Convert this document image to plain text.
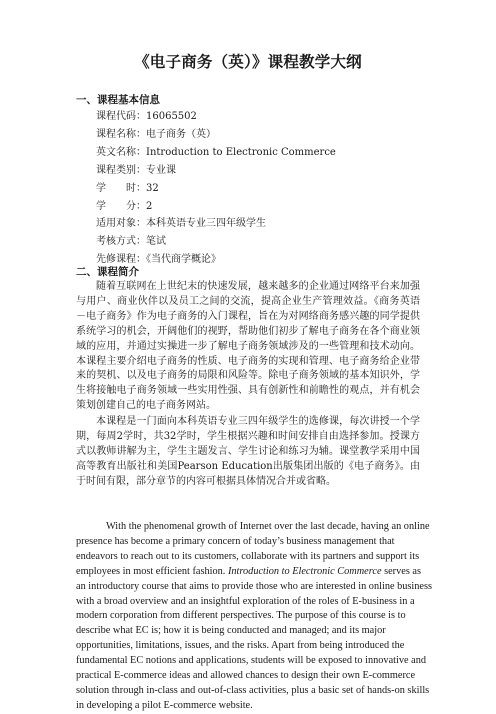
《电子商务（英）》课程教学大纲
一、课程基本信息
课程代码：16065502
课程名称：电子商务（英）
英文名称：Introduction to Electronic Commerce
课程类别：专业课
学　　时：32
学　　分：2
适用对象：本科英语专业三四年级学生
考核方式：笔试
先修课程：《当代商学概论》
二、课程简介

随着互联网在上世纪末的快速发展，越来越多的企业通过网络平台来加强与用户、商业伙伴以及员工之间的交流，提高企业生产管理效益。《商务英语－电子商务》作为电子商务的入门课程，旨在为对网络商务感兴趣的同学提供系统学习的机会，开阔他们的视野，帮助他们初步了解电子商务在各个商业领域的应用，并通过实操进一步了解电子商务领域涉及的一些管理和技术动向。本课程主要介绍电子商务的性质、电子商务的实现和管理、电子商务给企业带来的契机、以及电子商务的局限和风险等。除电子商务领域的基本知识外，学生将接触电子商务领域一些实用性强、具有创新性和前瞻性的观点，并有机会策划创建自己的电子商务网站。

本课程是一门面向本科英语专业三四年级学生的选修课，每次讲授一个学期，每周2学时，共32学时，学生根据兴趣和时间安排自由选择参加。授课方式以教师讲解为主，学生主题发言、学生讨论和练习为辅。课堂教学采用中国高等教育出版社和美国Pearson Education出版集团出版的《电子商务》。由于时间有限，部分章节的内容可根据具体情况合并或省略。

With the phenomenal growth of Internet over the last decade, having an online
presence has become a primary concern of today’s business management that
endeavors to reach out to its customers, collaborate with its partners and support its
employees in most efficient fashion. Introduction to Electronic Commerce serves as
an introductory course that aims to provide those who are interested in online business
with a broad overview and an insightful exploration of the roles of E-business in a
modern corporation from different perspectives. The purpose of this course is to
describe what EC is; how it is being conducted and managed; and its major
opportunities, limitations, issues, and the risks. Apart from being introduced the
fundamental EC notions and applications, students will be exposed to innovative and
practical E-commerce ideas and allowed chances to design their own E-commerce
solution through in-class and out-of-class activities, plus a basic set of hands-on skills
in developing a pilot E-commerce website.
